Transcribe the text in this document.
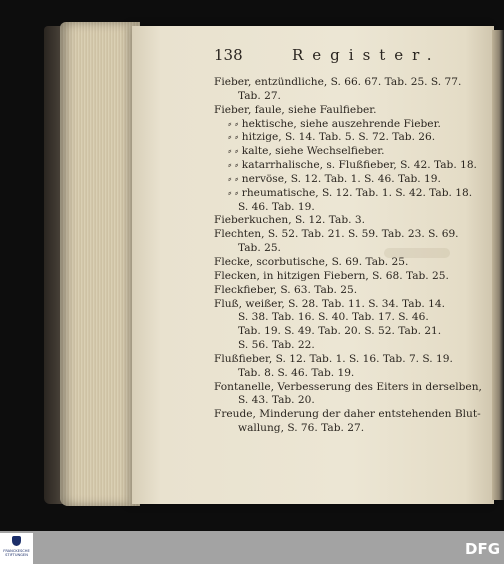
138	Register.
Fieber, entzündliche, S. 66. 67. Tab. 25. S. 77.
Tab. 27.
Fieber, faule, siehe Faulfieber.
⸗ ⸗ hektische, siehe auszehrende Fieber.
⸗ ⸗ hitzige, S. 14. Tab. 5. S. 72. Tab. 26.
⸗ ⸗ kalte, siehe Wechselfieber.
⸗ ⸗ katarrhalische, s. Flußfieber, S. 42. Tab. 18.
⸗ ⸗ nervöse, S. 12. Tab. 1. S. 46. Tab. 19.
⸗ ⸗ rheumatische, S. 12. Tab. 1. S. 42. Tab. 18.
S. 46. Tab. 19.
Fieberkuchen, S. 12. Tab. 3.
Flechten, S. 52. Tab. 21. S. 59. Tab. 23. S. 69.
Tab. 25.
Flecke, scorbutische, S. 69. Tab. 25.
Flecken, in hitzigen Fiebern, S. 68. Tab. 25.
Fleckfieber, S. 63. Tab. 25.
Fluß, weißer, S. 28. Tab. 11. S. 34. Tab. 14.
S. 38. Tab. 16. S. 40. Tab. 17. S. 46.
Tab. 19. S. 49. Tab. 20. S. 52. Tab. 21.
S. 56. Tab. 22.
Flußfieber, S. 12. Tab. 1. S. 16. Tab. 7. S. 19.
Tab. 8. S. 46. Tab. 19.
Fontanelle, Verbesserung des Eiters in derselben,
S. 43. Tab. 20.
Freude, Minderung der daher entstehenden Blut-
wallung, S. 76. Tab. 27.
FRANCKESCHE STIFTUNGEN	DFG
